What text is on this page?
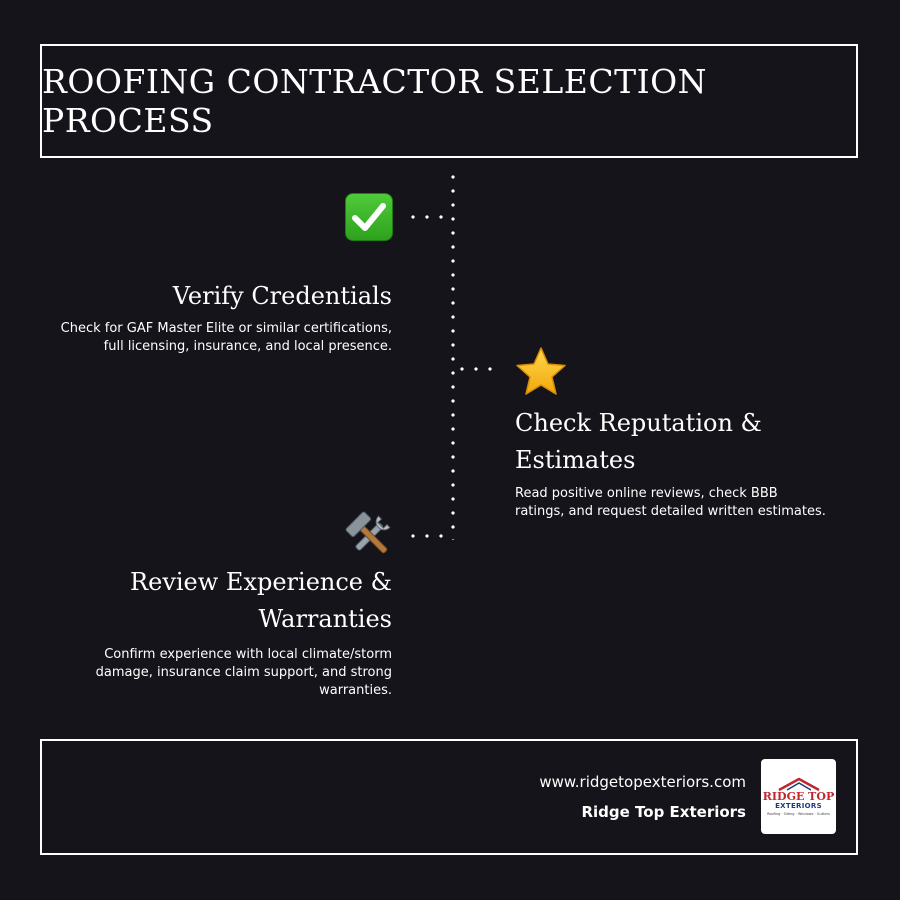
ROOFING CONTRACTOR SELECTION PROCESS
Verify Credentials
Check for GAF Master Elite or similar certifications,
full licensing, insurance, and local presence.
Check Reputation &
Estimates
Read positive online reviews, check BBB
ratings, and request detailed written estimates.
Review Experience &
Warranties
Confirm experience with local climate/storm
damage, insurance claim support, and strong
warranties.
www.ridgetopexteriors.com
Ridge Top Exteriors
RIDGE TOP
EXTERIORS
Roofing · Siding · Windows · Gutters
